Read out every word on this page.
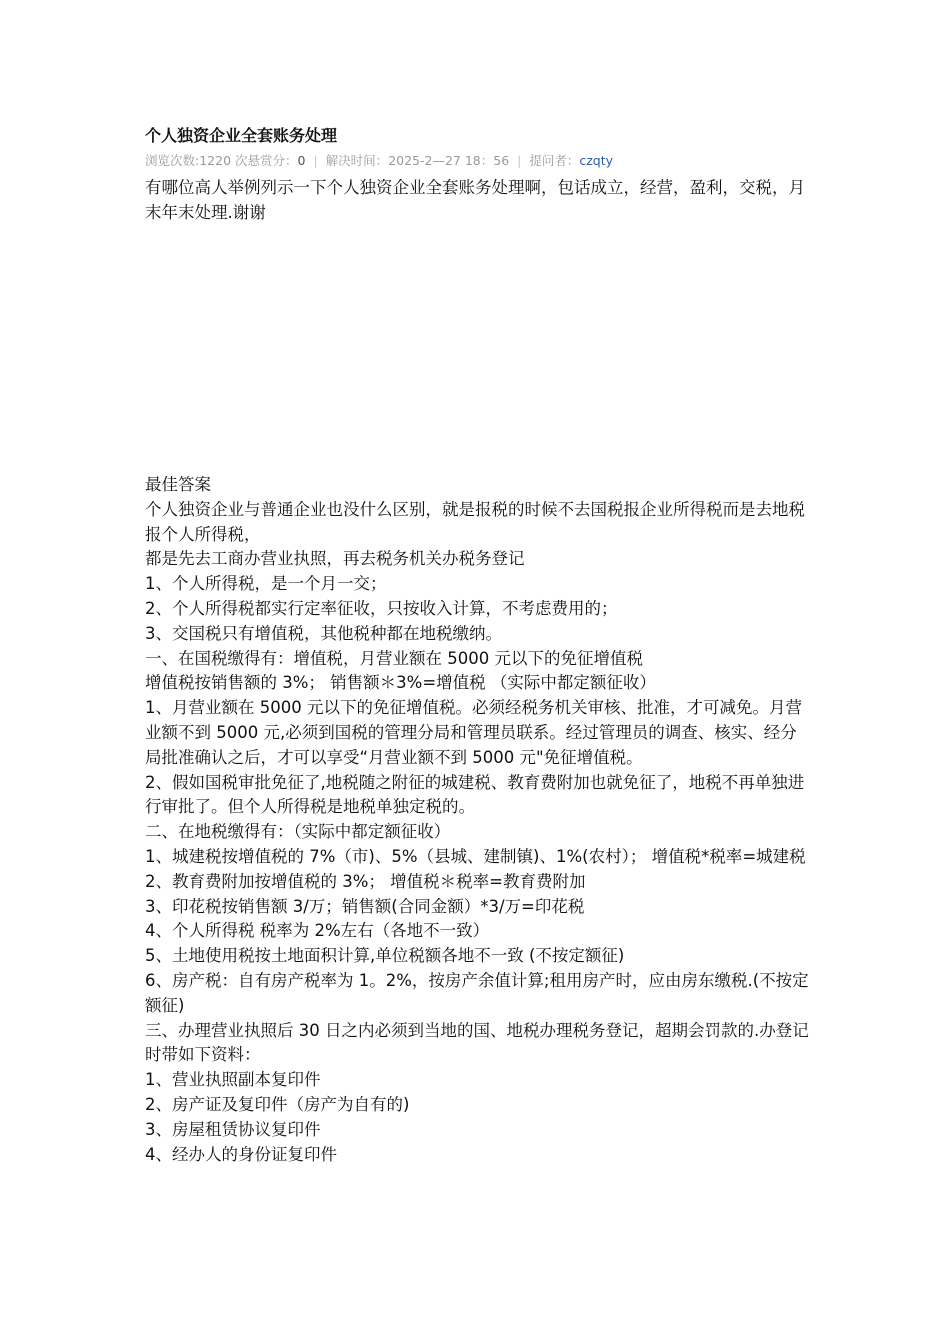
个人独资企业全套账务处理
浏览次数:1220 次悬赏分：0 | 解决时间：2025-2—27 18：56 | 提问者：czqty
有哪位高人举例列示一下个人独资企业全套账务处理啊，包话成立，经营，盈利，交税，月末年末处理.谢谢
最佳答案
个人独资企业与普通企业也没什么区别，就是报税的时候不去国税报企业所得税而是去地税报个人所得税，
都是先去工商办营业执照，再去税务机关办税务登记
1、个人所得税，是一个月一交；
2、个人所得税都实行定率征收，只按收入计算，不考虑费用的；
3、交国税只有增值税，其他税种都在地税缴纳。
一、在国税缴得有：增值税，月营业额在 5000 元以下的免征增值税
增值税按销售额的 3%； 销售额＊3%=增值税 （实际中都定额征收）
1、月营业额在 5000 元以下的免征增值税。必须经税务机关审核、批准，才可减免。月营业额不到 5000 元,必须到国税的管理分局和管理员联系。经过管理员的调查、核实、经分局批准确认之后，才可以享受“月营业额不到 5000 元"免征增值税。
2、假如国税审批免征了,地税随之附征的城建税、教育费附加也就免征了，地税不再单独进行审批了。但个人所得税是地税单独定税的。
二、在地税缴得有：（实际中都定额征收）
1、城建税按增值税的 7%（市)、5%（县城、建制镇)、1%(农村）； 增值税*税率=城建税
2、教育费附加按增值税的 3%； 增值税＊税率=教育费附加
3、印花税按销售额 3/万；销售额(合同金额）*3/万=印花税
4、个人所得税 税率为 2%左右（各地不一致）
5、土地使用税按土地面积计算,单位税额各地不一致 (不按定额征)
6、房产税：自有房产税率为 1。2%，按房产余值计算;租用房产时，应由房东缴税.(不按定额征)
三、办理营业执照后 30 日之内必须到当地的国、地税办理税务登记，超期会罚款的.办登记时带如下资料：
1、营业执照副本复印件
2、房产证及复印件（房产为自有的)
3、房屋租赁协议复印件
4、经办人的身份证复印件
